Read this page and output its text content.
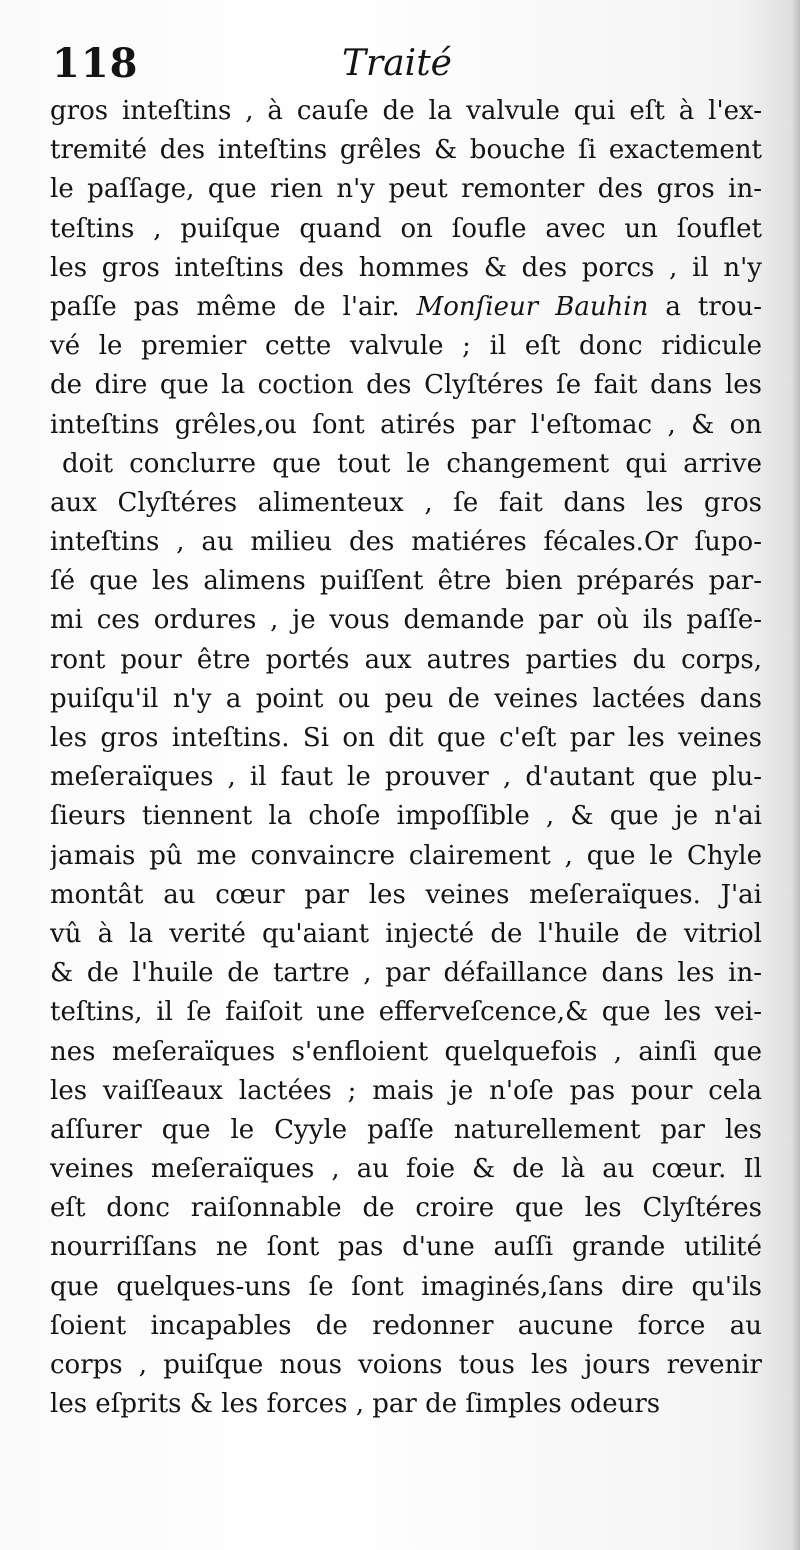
118	Traité
gros inteſtins , à cauſe de la valvule qui eſt à l'ex-
tremité des inteſtins grêles & bouche ſi exactement
le paſſage, que rien n'y peut remonter des gros in-
teſtins , puiſque quand on ſoufle avec un ſouflet
les gros inteſtins des hommes & des porcs , il n'y
paſſe pas même de l'air. Monſieur Bauhin a trou-
vé le premier cette valvule ; il eſt donc ridicule
de dire que la coction des Clyſtéres ſe fait dans les
inteſtins grêles,ou ſont atirés par l'eſtomac , & on
doit conclurre que tout le changement qui arrive
aux Clyſtéres alimenteux , ſe fait dans les gros
inteſtins , au milieu des matiéres fécales.Or ſupo-
ſé que les alimens puiſſent être bien préparés par-
mi ces ordures , je vous demande par où ils paſſe-
ront pour être portés aux autres parties du corps,
puiſqu'il n'y a point ou peu de veines lactées dans
les gros inteſtins. Si on dit que c'eſt par les veines
meſeraïques , il faut le prouver , d'autant que plu-
ſieurs tiennent la choſe impoſſible , & que je n'ai
jamais pû me convaincre clairement , que le Chyle
montât au cœur par les veines meſeraïques. J'ai
vû à la verité qu'aiant injecté de l'huile de vitriol
& de l'huile de tartre , par défaillance dans les in-
teſtins, il ſe faiſoit une efferveſcence,& que les vei-
nes meſeraïques s'enfloient quelquefois , ainſi que
les vaiſſeaux lactées ; mais je n'oſe pas pour cela
aſſurer que le Cyyle paſſe naturellement par les
veines meſeraïques , au foie & de là au cœur. Il
eſt donc raiſonnable de croire que les Clyſtéres
nourriſſans ne ſont pas d'une auſſi grande utilité
que quelques-uns ſe ſont imaginés,ſans dire qu'ils
ſoient incapables de redonner aucune force au
corps , puiſque nous voions tous les jours revenir
les eſprits & les forces , par de ſimples odeurs
